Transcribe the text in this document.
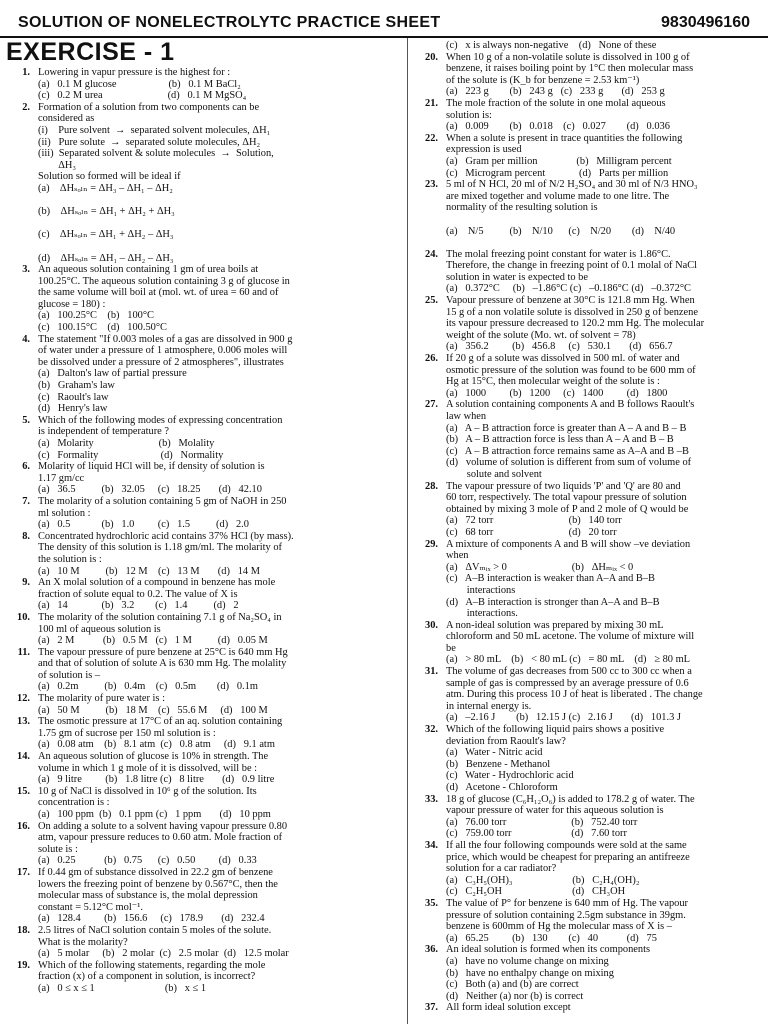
SOLUTION OF NONELECTROLYTC PRACTICE SHEET	9830496160
EXERCISE - 1
1. Lowering in vapur pressure is the highest for :
(a)   0.1 M glucose                    (b)   0.1 M BaCl₂
(c)   0.2 M urea                         (d)   0.1 M MgSO₄
2. Formation of a solution from two components can be
considered as
(i)    Pure solvent  →  separated solvent molecules, ΔH₁
(ii)   Pure solute  →  separated solute molecules, ΔH₂
(iii)  Separated solvent & solute molecules  →  Solution,
ΔH₃
Solution so formed will be ideal if
(a)    ΔHₛₒₗₙ = ΔH₃ – ΔH₁ – ΔH₂

(b)    ΔHₛₒₗₙ = ΔH₁ + ΔH₂ + ΔH₃

(c)    ΔHₛₒₗₙ = ΔH₁ + ΔH₂ – ΔH₃

(d)    ΔHₛₒₗₙ = ΔH₁ – ΔH₂ – ΔH₃
3. An aqueous solution containing 1 gm of urea boils at
100.25°C. The aqueous solution containing 3 g of glucose in
the same volume will boil at (mol. wt. of urea = 60 and of
glucose = 180) :
(a)   100.25°C    (b)   100°C
(c)   100.15°C    (d)   100.50°C
4. The statement "If 0.003 moles of a gas are dissolved in 900 g
of water under a pressure of 1 atmosphere, 0.006 moles will
be dissolved under a pressure of 2 atmospheres", illustrates
(a)   Dalton's law of partial pressure
(b)   Graham's law
(c)   Raoult's law
(d)   Henry's law
5. Which of the following modes of expressing concentration
is independent of temperature ?
(a)   Molarity                         (b)   Molality
(c)   Formality                        (d)   Normality
6. Molarity of liquid HCl will be, if density of solution is
1.17 gm/cc
(a)   36.5          (b)   32.05     (c)   18.25       (d)   42.10
7. The molarity of a solution containing 5 gm of NaOH in 250
ml solution :
(a)   0.5            (b)   1.0         (c)   1.5          (d)   2.0
8. Concentrated hydrochloric acid contains 37% HCl (by mass).
The density of this solution is 1.18 gm/ml. The molarity of
the solution is :
(a)   10 M          (b)   12 M    (c)   13 M       (d)   14 M
9. An X molal solution of a compound in benzene has mole
fraction of solute equal to 0.2. The value of X is
(a)   14             (b)   3.2        (c)   1.4          (d)   2
10. The molarity of the solution containing 7.1 g of Na₂SO₄ in
100 ml of aqueous solution is
(a)   2 M           (b)   0.5 M   (c)   1 M          (d)   0.05 M
11. The vapour pressure of pure benzene at 25°C is 640 mm Hg
and that of solution of solute A is 630 mm Hg. The molality
of solution is –
(a)   0.2m          (b)   0.4m    (c)   0.5m        (d)   0.1m
12. The molarity of pure water is :
(a)   50 M          (b)   18 M    (c)   55.6 M     (d)   100 M
13. The osmotic pressure at 17°C of an aq. solution containing
1.75 gm of sucrose per 150 ml solution is :
(a)   0.08 atm    (b)   8.1 atm  (c)   0.8 atm     (d)   9.1 atm
14. An aqueous solution of glucose is 10% in strength. The
volume in which 1 g mole of it is dissolved, will be :
(a)   9 litre         (b)   1.8 litre (c)   8 litre       (d)   0.9 litre
15. 10 g of NaCl is dissolved in 10⁶ g of the solution. Its
concentration is :
(a)   100 ppm  (b)   0.1 ppm (c)   1 ppm       (d)   10 ppm
16. On adding a solute to a solvent having vapour pressure 0.80
atm, vapour pressure reduces to 0.60 atm. Mole fraction of
solute is :
(a)   0.25           (b)   0.75      (c)   0.50         (d)   0.33
17. If 0.44 gm of substance dissolved in 22.2 gm of benzene
lowers the freezing point of benzene by 0.567°C, then the
molecular mass of substance is, the molal depression
constant = 5.12°C mol⁻¹.
(a)   128.4         (b)   156.6     (c)   178.9       (d)   232.4
18. 2.5 litres of NaCl solution contain 5 moles of the solute.
What is the molarity?
(a)   5 molar     (b)   2 molar  (c)   2.5 molar  (d)   12.5 molar
19. Which of the following statements, regarding the mole
fraction (x) of a component in solution, is incorrect?
(a)   0 ≤ x ≤ 1                           (b)   x ≤ 1

(c)   x is always non-negative    (d)   None of these
20. When 10 g of a non-volatile solute is dissolved in 100 g of
benzene, it raises boiling point by 1°C then molecular mass
of the solute is (K_b for benzene = 2.53 km⁻¹)
(a)   223 g        (b)   243 g   (c)   233 g       (d)   253 g
21. The mole fraction of the solute in one molal aqueous
solution is:
(a)   0.009        (b)   0.018    (c)   0.027        (d)   0.036
22. When a solute is present in trace quantities the following
expression is used
(a)   Gram per million               (b)   Milligram percent
(c)   Microgram percent             (d)   Parts per million
23. 5 ml of N HCl, 20 ml of N/2 H₂SO₄ and 30 ml of N/3 HNO₃
are mixed together and volume made to one litre. The
normality of the resulting solution is

(a)    N/5          (b)    N/10      (c)    N/20        (d)    N/40

24. The molal freezing point constant for water is 1.86°C.
Therefore, the change in freezing point of 0.1 molal of NaCl
solution in water is expected to be
(a)   0.372°C     (b)   –1.86°C (c)   –0.186°C (d)   –0.372°C
25. Vapour pressure of benzene at 30°C is 121.8 mm Hg. When
15 g of a non volatile solute is dissolved in 250 g of benzene
its vapour pressure decreased to 120.2 mm Hg. The molecular
weight of the solute (Mo. wt. of solvent = 78)
(a)   356.2         (b)   456.8     (c)   530.1       (d)   656.7
26. If 20 g of a solute was dissolved in 500 ml. of water and
osmotic pressure of the solution was found to be 600 mm of
Hg at 15°C, then molecular weight of the solute is :
(a)   1000         (b)   1200     (c)   1400         (d)   1800
27. A solution containing components A and B follows Raoult's
law when
(a)   A – B attraction force is greater than A – A and B – B
(b)   A – B attraction force is less than A – A and B – B
(c)   A – B attraction force remains same as A–A and B –B
(d)   volume of solution is different from sum of volume of
solute and solvent
28. The vapour pressure of two liquids 'P' and 'Q' are 80 and
60 torr, respectively. The total vapour pressure of solution
obtained by mixing 3 mole of P and 2 mole of Q would be
(a)   72 torr                             (b)   140 torr
(c)   68 torr                             (d)   20 torr
29. A mixture of components A and B will show –ve deviation
when
(a)   ΔVₘᵢₓ > 0                         (b)   ΔHₘᵢₓ < 0
(c)   A–B interaction is weaker than A–A and B–B
interactions
(d)   A–B interaction is stronger than A–A and B–B
interactions.
30. A non-ideal solution was prepared by mixing 30 mL
chloroform and 50 mL acetone. The volume of mixture will
be
(a)   > 80 mL    (b)   < 80 mL (c)   = 80 mL    (d)   ≥ 80 mL
31. The volume of gas decreases from 500 cc to 300 cc when a
sample of gas is compressed by an average pressure of 0.6
atm. During this process 10 J of heat is liberated . The change
in internal energy is.
(a)   –2.16 J        (b)   12.15 J (c)   2.16 J       (d)   101.3 J
32. Which of the following liquid pairs shows a positive
deviation from Raoult's law?
(a)   Water - Nitric acid
(b)   Benzene - Methanol
(c)   Water - Hydrochloric acid
(d)   Acetone - Chloroform
33. 18 g of glucose (C₆H₁₂O₆) is added to 178.2 g of water. The
vapour pressure of water for this aqueous solution is
(a)   76.00 torr                         (b)   752.40 torr
(c)   759.00 torr                       (d)   7.60 torr
34. If all the four following compounds were sold at the same
price, which would be cheapest for preparing an antifreeze
solution for a car radiator?
(a)   C₃H₅(OH)₃                       (b)   C₂H₄(OH)₂
(c)   C₂H₅OH                           (d)   CH₃OH
35. The value of P° for benzene is 640 mm of Hg. The vapour
pressure of solution containing 2.5gm substance in 39gm.
benzene is 600mm of Hg the molecular mass of X is –
(a)   65.25         (b)   130        (c)   40           (d)   75
36. An ideal solution is formed when its components
(a)   have no volume change on mixing
(b)   have no enthalpy change on mixing
(c)   Both (a) and (b) are correct
(d)   Neither (a) nor (b) is correct
37. All form ideal solution except
